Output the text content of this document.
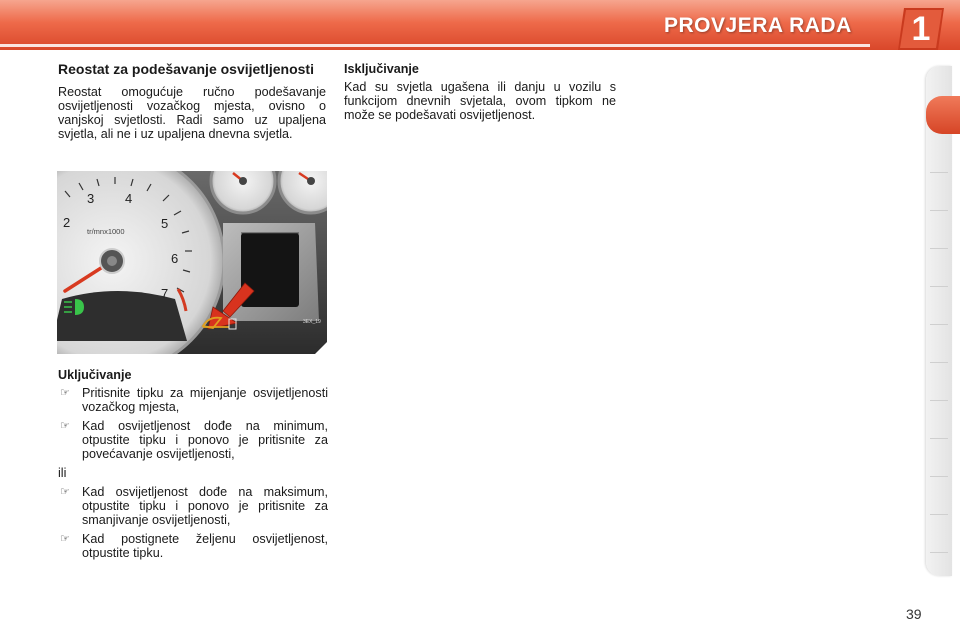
PROVJERA RADA	1
Reostat za podešavanje osvijetljenosti

Reostat omogućuje ručno podešavanje osvijetljenosti vozačkog mjesta, ovisno o vanjskoj svjetlosti. Radi samo uz upaljena svjetla, ali ne i uz upaljena dnevna svjetla.

2
3 4
5
6
7
tr/mnx1000
3EX_19
Uključivanje
☞ Pritisnite tipku za mijenjanje osvijetljenosti vozačkog mjesta,
☞ Kad osvijetljenost dođe na minimum, otpustite tipku i ponovo je pritisnite za povećavanje osvijetljenosti,

ili

☞ Kad osvijetljenost dođe na maksimum, otpustite tipku i ponovo je pritisnite za smanjivanje osvijetljenosti,
☞ Kad postignete željenu osvijetljenost, otpustite tipku.
Isključivanje

Kad su svjetla ugašena ili danju u vozilu s funkcijom dnevnih svjetala, ovom tipkom ne može se podešavati osvijetljenost.

39
